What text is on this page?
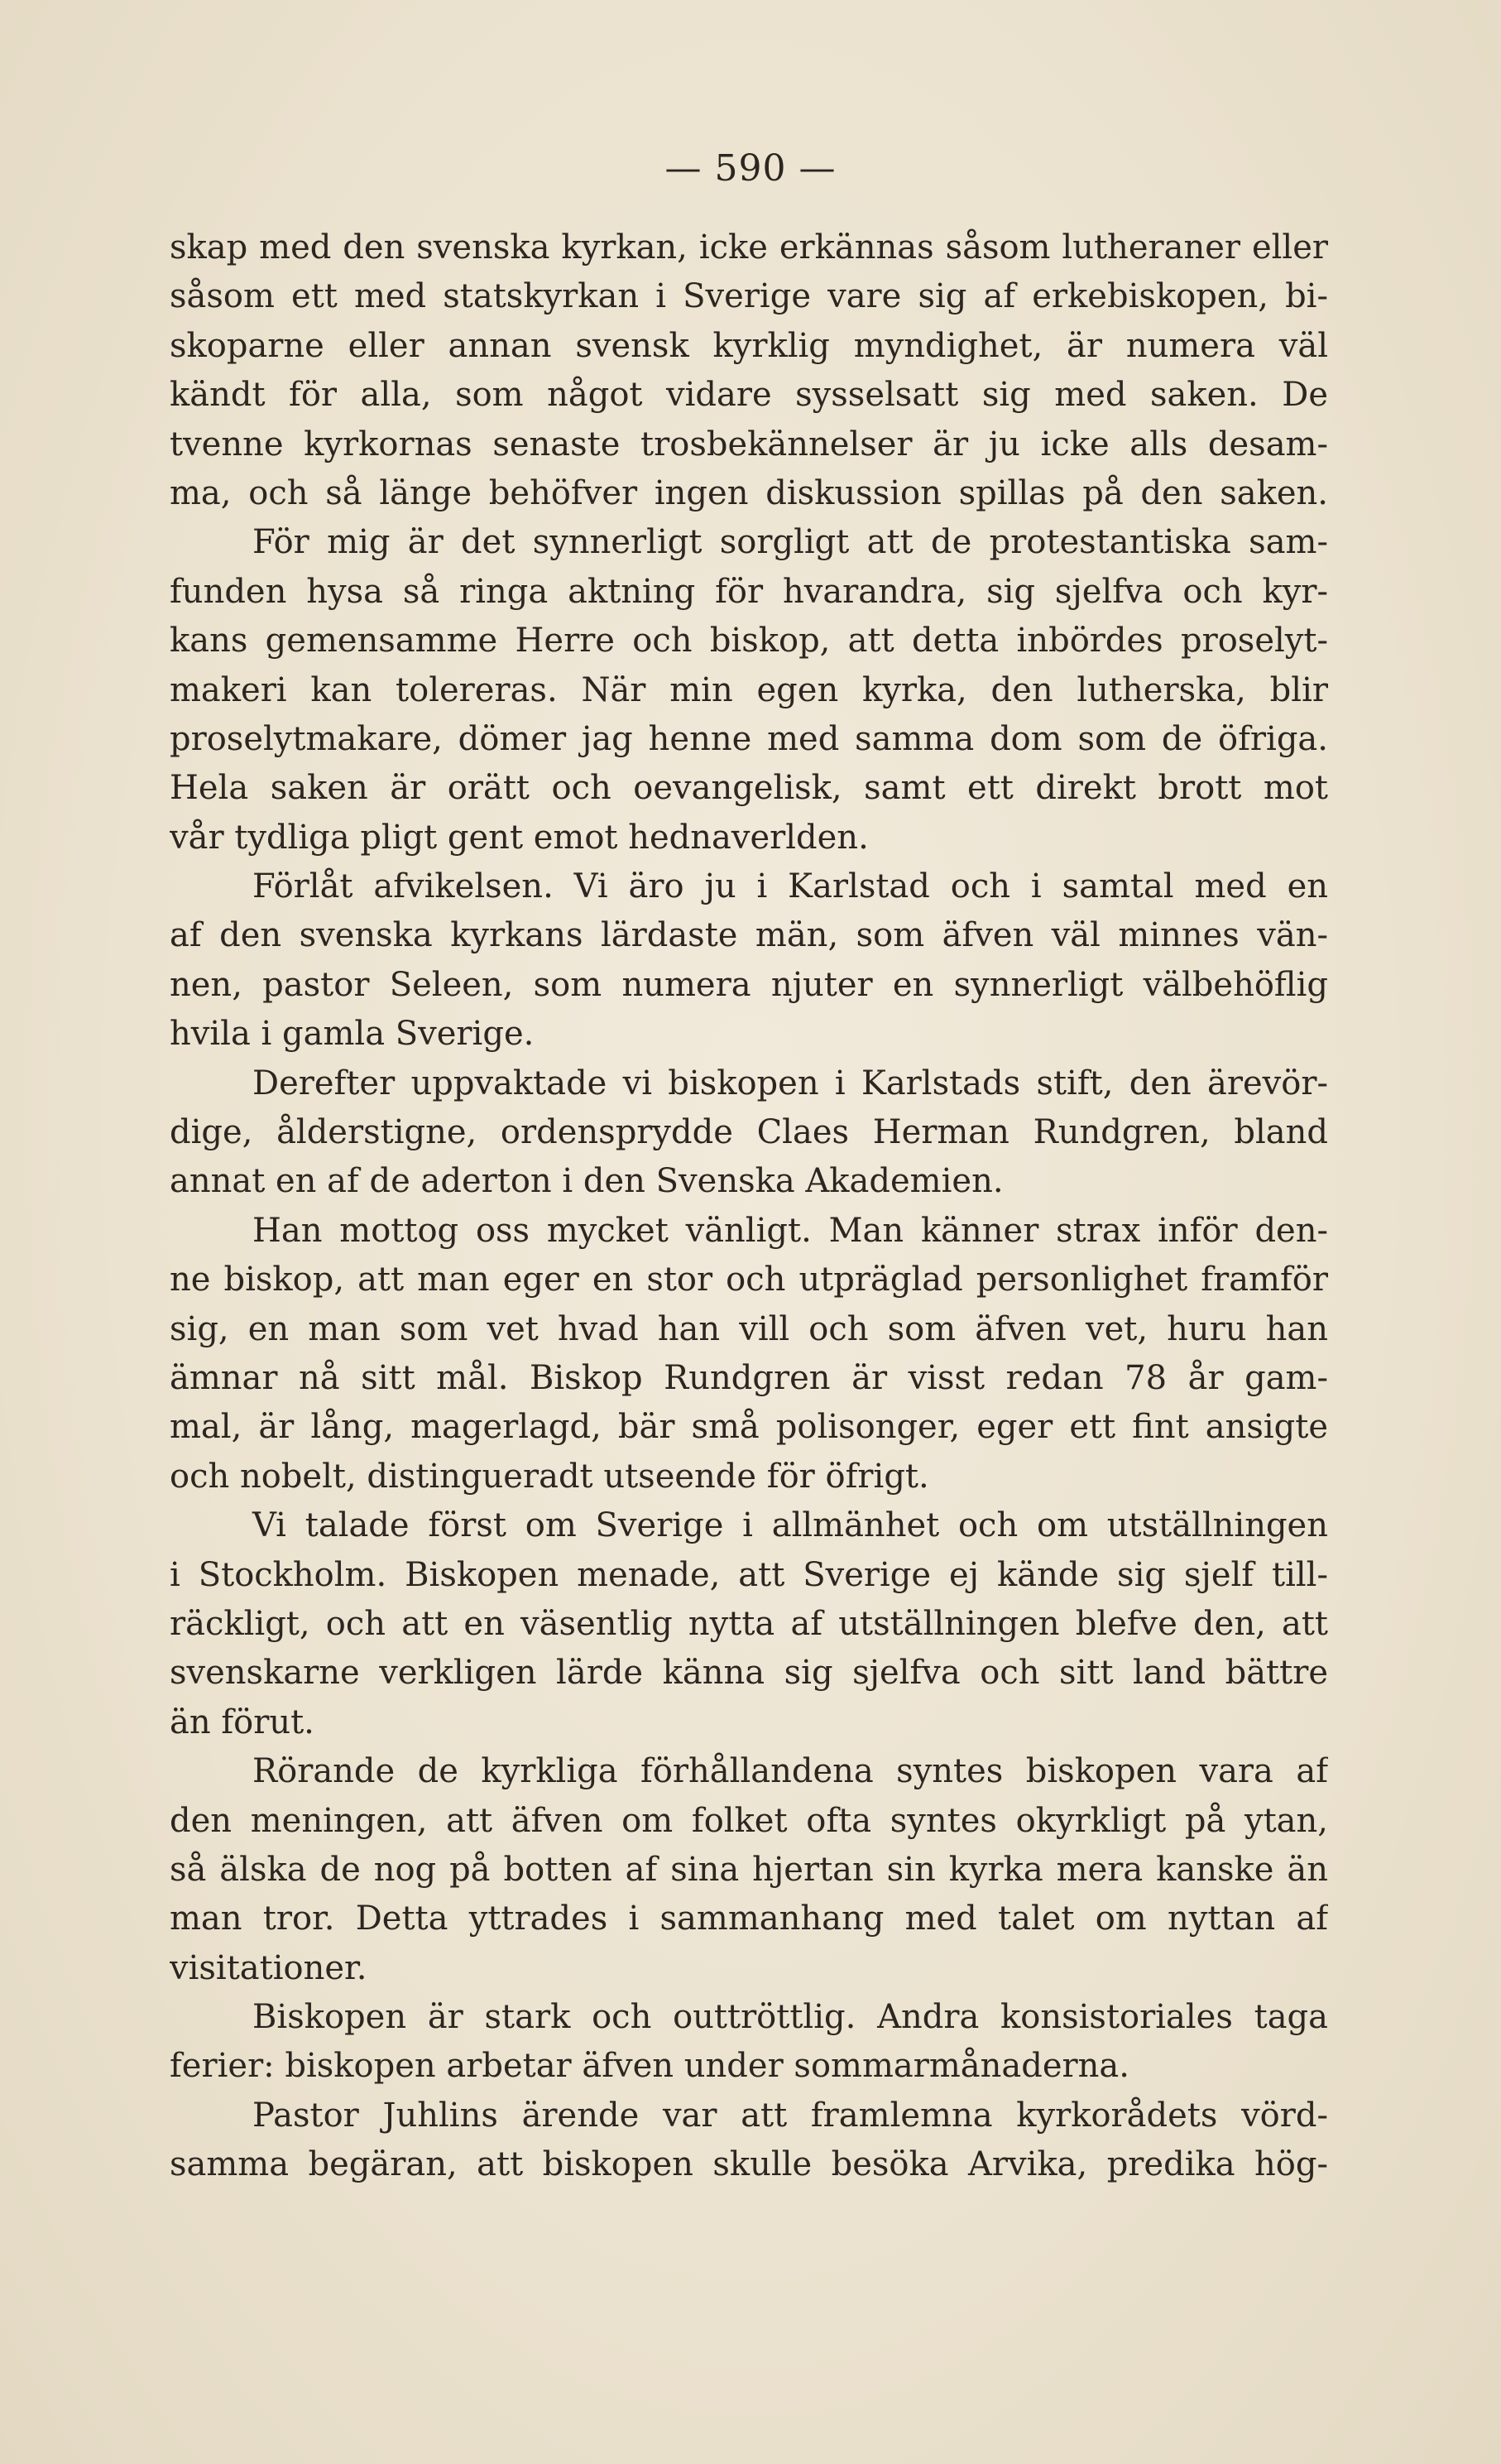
— 590 —
skap med den svenska kyrkan, icke erkännas såsom lutheraner eller
såsom ett med statskyrkan i Sverige vare sig af erkebiskopen, bi-
skoparne eller annan svensk kyrklig myndighet, är numera väl
kändt för alla, som något vidare sysselsatt sig med saken. De
tvenne kyrkornas senaste trosbekännelser är ju icke alls desam-
ma, och så länge behöfver ingen diskussion spillas på den saken.
För mig är det synnerligt sorgligt att de protestantiska sam-
funden hysa så ringa aktning för hvarandra, sig sjelfva och kyr-
kans gemensamme Herre och biskop, att detta inbördes proselyt-
makeri kan tolereras. När min egen kyrka, den lutherska, blir
proselytmakare, dömer jag henne med samma dom som de öfriga.
Hela saken är orätt och oevangelisk, samt ett direkt brott mot
vår tydliga pligt gent emot hednaverlden.
Förlåt afvikelsen. Vi äro ju i Karlstad och i samtal med en
af den svenska kyrkans lärdaste män, som äfven väl minnes vän-
nen, pastor Seleen, som numera njuter en synnerligt välbehöflig
hvila i gamla Sverige.
Derefter uppvaktade vi biskopen i Karlstads stift, den ärevör-
dige, ålderstigne, ordensprydde Claes Herman Rundgren, bland
annat en af de aderton i den Svenska Akademien.
Han mottog oss mycket vänligt. Man känner strax inför den-
ne biskop, att man eger en stor och utpräglad personlighet framför
sig, en man som vet hvad han vill och som äfven vet, huru han
ämnar nå sitt mål. Biskop Rundgren är visst redan 78 år gam-
mal, är lång, magerlagd, bär små polisonger, eger ett fint ansigte
och nobelt, distingueradt utseende för öfrigt.
Vi talade först om Sverige i allmänhet och om utställningen
i Stockholm. Biskopen menade, att Sverige ej kände sig sjelf till-
räckligt, och att en väsentlig nytta af utställningen blefve den, att
svenskarne verkligen lärde känna sig sjelfva och sitt land bättre
än förut.
Rörande de kyrkliga förhållandena syntes biskopen vara af
den meningen, att äfven om folket ofta syntes okyrkligt på ytan,
så älska de nog på botten af sina hjertan sin kyrka mera kanske än
man tror. Detta yttrades i sammanhang med talet om nyttan af
visitationer.
Biskopen är stark och outtröttlig. Andra konsistoriales taga
ferier: biskopen arbetar äfven under sommarmånaderna.
Pastor Juhlins ärende var att framlemna kyrkorådets vörd-
samma begäran, att biskopen skulle besöka Arvika, predika hög-
